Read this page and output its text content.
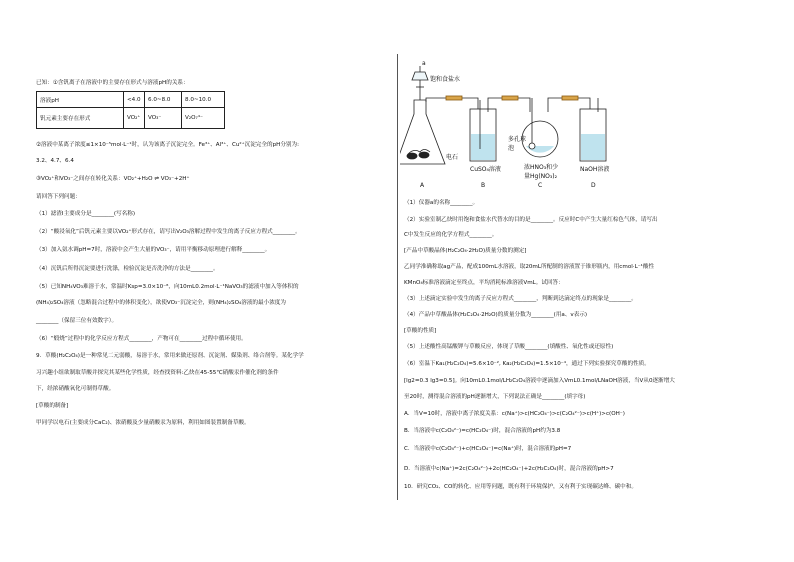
已知：①含钒离子在溶液中的主要存在形式与溶液pH的关系：
溶液pH	<4.0	6.0~8.0	8.0~10.0
钒元素主要存在形式	VO₂⁺	VO₃⁻	V₂O₇⁴⁻
②溶液中某离子浓度≤1×10⁻⁵mol·L⁻¹时，认为该离子沉淀完全。Fe³⁺、Al³⁺、Cu²⁺沉淀完全的pH分别为:
3.2、4.7、6.4
③VO₂⁺和VO₃⁻之间存在转化关系：VO₂⁺+H₂O ⇌ VO₃⁻+2H⁺
请回答下列问题：
（1）滤渣Ⅰ主要成分是________(写名称)
（2）“酸浸氧化”后钒元素主要以VO₂⁺形式存在，请写出V₂O₃溶解过程中发生的离子反应方程式________。
（3）加入氨水调pH=7时，溶液中会产生大量的VO₃⁻，请用平衡移动原理进行解释________。
（4）沉钒后所得沉淀要进行洗涤，检验沉淀是否洗净的方法是________。
（5）已知NH₄VO₃难溶于水，常温时Ksp=3.0×10⁻⁸，向10mL0.2mol·L⁻¹NaVO₃的滤液中加入等体积的
(NH₄)₂SO₄溶液（忽略混合过程中的体积变化），欲使VO₃⁻沉淀完全，则(NH₄)₂SO₄溶液的最小浓度为
________（保留三位有效数字）。
（6）“煅烧”过程中的化学反应方程式________，产物可在________过程中循环使用。
9．草酸(H₂C₂O₄)是一种常见二元弱酸，易溶于水，常用来做还原剂、沉淀剂、媒染剂、络合剂等。某化学学
习兴趣小组欲制取草酸并探究其某些化学性质，经查找资料:乙炔在45-55℃硝酸汞作催化剂的条件
下，经浓硝酸氧化可制得草酸。
[草酸的制备]
甲同学以电石(主要成分CaC₂)、浓硝酸及少量硝酸汞为原料，利用如图装置制备草酸。
a
饱和食盐水
电石
CuSO₄溶液
多孔球泡
浓HNO₃和少量Hg(NO₃)₂
NaOH溶液
A	B	C	D
（1）仪器a的名称________。
（2）实验室制乙炔时用饱和食盐水代替水的目的是________。反应时C中产生大量红棕色气体，请写出
C中发生反应的化学方程式________。
[产品中草酸晶体(H₂C₂O₄·2H₂O)质量分数的测定]
乙同学准确称取ag产品，配成100mL水溶液，取20mL所配制的溶液置于锥形瓶内，用cmol·L⁻¹酸性
KMnO₄标准溶液滴定至终点，平均消耗标准溶液VmL。试回答：
（3）上述滴定实验中发生的离子反应方程式________，判断到达滴定终点的现象是________。
（4）产品中草酸晶体(H₂C₂O₄·2H₂O)的质量分数为________(用a、v表示)
[草酸的性质]
（5）上述酸性高锰酸钾与草酸反应，体现了草酸________(填酸性、氧化性或还原性)
（6）室温下Ka₁(H₂C₂O₄)=5.6×10⁻², Ka₂(H₂C₂O₄)=1.5×10⁻⁴，通过下列实验探究草酸的性质。
[lg2=0.3 lg3=0.5]。向10mL0.1mol/LH₂C₂O₄溶液中逐滴加入VmL0.1mol/LNaOH溶液，当V从0逐渐增大
至20时，测得混合溶液的pH逐渐增大，下列说法正确是________(填字母)
A．当V=10时，溶液中离子浓度关系：c(Na⁺)>c(HC₂O₄⁻)>c(C₂O₄²⁻)>c(H⁺)>c(OH⁻)
B．当溶液中c(C₂O₄²⁻)=c(HC₂O₄⁻)时，混合溶液的pH约为3.8
C．当溶液中c(C₂O₄²⁻)+c(HC₂O₄⁻)=c(Na⁺)时，混合溶液的pH=7
D．当溶液中c(Na⁺)=2c(C₂O₄²⁻)+2c(HC₂O₄⁻)+2c(H₂C₂O₄)时，混合溶液的pH>7
10．研究CO₂、CO的转化、应用等问题，既有利于环境保护，又有利于实现碳达峰、碳中和。
